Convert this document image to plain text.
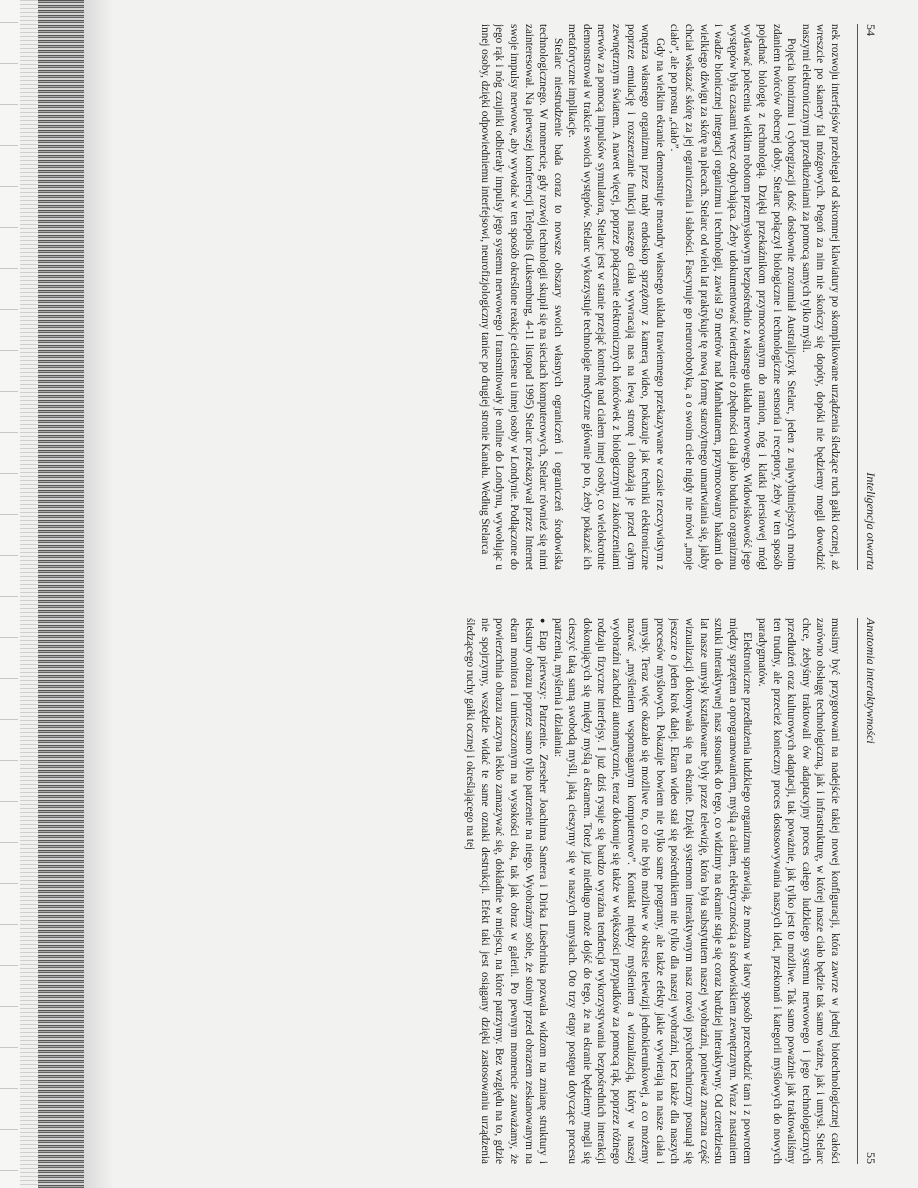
54
Inteligencja otwarta

nek rozwoju interfejsów przebiegał od skromnej klawiatury po skomplikowane urządzenia śledzące ruch gałki ocznej, aż wreszcie po skanery fal mózgowych. Pogoń za nim nie skończy się dopóty, dopóki nie będziemy mogli dowodzić naszymi elektronicznymi przedłużeniami za pomocą samych tylko myśli.

Pojęcia bionizmu i cyborgizacji dość dosłownie zrozumiał Australijczyk Stelarc, jeden z najwybitniejszych moim zdaniem twórców obecnej doby. Stelarc połączył biologiczne i technologiczne sensoria i receptory, żeby w ten sposób pojednać biologię z technologią. Dzięki przekaźnikom przymocowanym do ramion, nóg i klatki piersiowej mógł wydawać polecenia wielkim robotom przemysłowym bezpośrednio z własnego układu nerwowego. Widowiskowość jego występów była czasami wręcz odpychająca. Żeby udokumentować twierdzenie o zbędności ciała jako budulca organizmu i wadze bionicznej integracji organizmu i technologii, zawisł 50 metrów nad Manhattanem, przymocowany hakami do wielkiego dźwigu za skórę na plecach. Stelarc od wielu lat praktykuje tę nową formę starożytnego umartwiania się, jakby chciał wskazać skórę za jej ograniczenia i słabości. Fascynuje go neurorobotyka, a o swoim ciele nigdy nie mówi „moje ciało”, ale po prostu „ciało”.

Gdy na wielkim ekranie demonstruje meandry własnego układu trawiennego przekazywane w czasie rzeczywistym z wnętrza własnego organizmu przez mały endoskop sprzężony z kamerą wideo, pokazuje jak techniki elektroniczne poprzez emulację i rozszerzanie funkcji naszego ciała wywracają nas na lewą stronę i obnażają je przed całym zewnętrznym światem. A nawet więcej, poprzez połączenie elektronicznych końcówek z biologicznymi zakończeniami nerwów za pomocą impulsów symulatora, Stelarc jest w stanie przejąć kontrolę nad ciałem innej osoby, co wielokrotnie demonstrował w trakcie swoich występów. Stelarc wykorzystuje technologie medyczne głównie po to, żeby pokazać ich metaforyczne implikacje.

Stelarc niestrudzenie bada coraz to nowsze obszary swoich własnych ograniczeń i ograniczeń środowiska technologicznego. W momencie, gdy rozwój technologii skupił się na sieciach komputerowych, Stelarc również się nimi zainteresował. Na pierwszej konferencji Telepolis (Luksemburg, 4-11 listopad 1995) Stelarc przekazywał przez Internet swoje impulsy nerwowe, aby wywołać w ten sposób określone reakcje cielesne u innej osoby w Londynie. Podłączone do jego rąk i nóg czujniki odbierały impulsy jego systemu nerwowego i transmitowały je online do Londynu, wywołując u innej osoby, dzięki odpowiedniemu interfejsowi, neurofizjologiczny taniec po drugiej stronie Kanału. Według Stelarca

Anatomia interaktywności
55

musimy być przygotowani na nadejście takiej nowej konfiguracji, która zawrze w jednej biotechnologicznej całości zarówno obsługę technologiczną, jak i infrastrukturę, w której nasze ciało będzie tak samo ważne, jak i umysł. Stelarc chce, żebyśmy traktowali ów adaptacyjny proces całego ludzkiego systemu nerwowego i jego technologicznych przedłużeń oraz kulturowych adaptacji, tak poważnie, jak tylko jest to możliwe. Tak samo poważnie jak traktowaliśmy ten trudny, ale przecież konieczny proces dostosowywania naszych idei, przekonań i kategorii myślowych do nowych paradygmatów.

Elektroniczne przedłużenia ludzkiego organizmu sprawiają, że można w łatwy sposób przechodzić tam i z powrotem między sprzętem a oprogramowaniem, myślą a ciałem, elektrycznością a środowiskiem zewnętrznym. Wraz z nastaniem sztuki interaktywnej nasz stosunek do tego, co widzimy na ekranie staje się coraz bardziej interaktywny. Od czterdziestu lat nasze umysły kształtowane były przez telewizję, która była substytutem naszej wyobraźni, ponieważ znaczna część wizualizacji dokonywała się na ekranie. Dzięki systemom interaktywnym nasz rozwój psychotechniczny posunął się jeszcze o jeden krok dalej. Ekran wideo stał się pośrednikiem nie tylko dla naszej wyobraźni, lecz także dla naszych procesów myślowych. Pokazuje bowiem nie tylko same programy, ale także efekty jakie wywierają na nasze ciała i umysły. Teraz więc okazało się możliwe to, co nie było możliwe w okresie telewizji jednokierunkowej, a co możemy nazwać „myśleniem wspomaganym komputerowo”. Kontakt między myśleniem a wizualizacją, który w naszej wyobraźni zachodzi automatycznie, teraz dokonuje się także w większości przypadków za pomocą rąk, poprzez różnego rodzaju fizyczne interfejsy. I już dziś rysuje się bardzo wyraźna tendencja wykorzystywania bezpośrednich interakcji dokonujących się między myślą a ekranem. Toteż już niedługo może dojść do tego, że na ekranie będziemy mogli się cieszyć taką samą swobodą myśli, jaką cieszymy się w naszych umysłach. Oto trzy etapy postępu dotyczące procesu patrzenia, myślenia i działania:

● Etap pierwszy: Patrzenie. Zerseher Joachima Santera i Dirka Lüsebrinka pozwala widzom na zmianę struktury i tekstury obrazu poprzez samo tylko patrzenie na niego. Wyobraźmy sobie, że stoimy przed obrazem zeskanowanym na ekran monitora i umieszczonym na wysokości oka, tak jak obraz w galerii. Po pewnym momencie zauważamy, że powierzchnia obrazu zaczyna lekko zamazywać się, dokładnie w miejscu, na które patrzymy. Bez względu na to, gdzie nie spojrzymy, wszędzie widać te same oznaki destrukcji. Efekt taki jest osiągany dzięki zastosowaniu urządzenia śledzącego ruchy gałki ocznej i określającego na tej
